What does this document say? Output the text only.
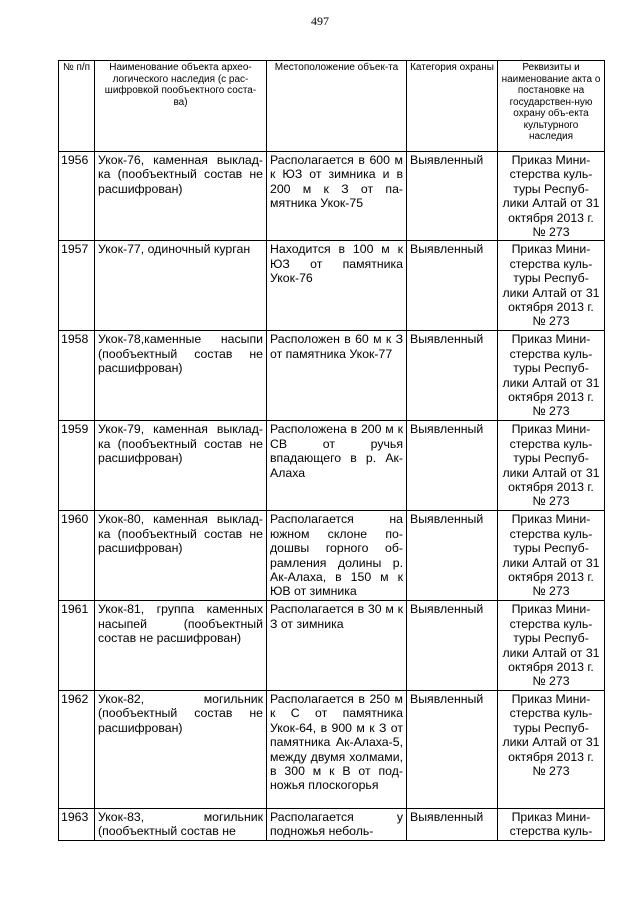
497
№ п/п	Наименование объекта архео-логического наследия (с рас-шифровкой пообъектного соста-ва)	Местоположение объек-та	Категория охраны	Реквизиты и наименование акта о постановке на государствен-ную охрану объ-екта культурного наследия
1956	Укок-76, каменная выклад-ка (пообъектный состав не расшифрован)	Располагается в 600 м к ЮЗ от зимника и в 200 м к З от па-мятника Укок-75	Выявленный	Приказ Мини-стерства куль-туры Респуб-лики Алтай от 31 октября 2013 г. № 273
1957	Укок-77, одиночный курган	Находится в 100 м к ЮЗ от памятника Укок-76	Выявленный	Приказ Мини-стерства куль-туры Респуб-лики Алтай от 31 октября 2013 г. № 273
1958	Укок-78,каменные насыпи (пообъектный состав не расшифрован)	Расположен в 60 м к З от памятника Укок-77	Выявленный	Приказ Мини-стерства куль-туры Респуб-лики Алтай от 31 октября 2013 г. № 273
1959	Укок-79, каменная выклад-ка (пообъектный состав не расшифрован)	Расположена в 200 м к СВ от ручья впадающего в р. Ак-Алаха	Выявленный	Приказ Мини-стерства куль-туры Респуб-лики Алтай от 31 октября 2013 г. № 273
1960	Укок-80, каменная выклад-ка (пообъектный состав не расшифрован)	Располагается на южном склоне по-дошвы горного об-рамления долины р. Ак-Алаха, в 150 м к ЮВ от зимника	Выявленный	Приказ Мини-стерства куль-туры Респуб-лики Алтай от 31 октября 2013 г. № 273
1961	Укок-81, группа каменных насыпей (пообъектный состав не расшифрован)	Располагается в 30 м к З от зимника	Выявленный	Приказ Мини-стерства куль-туры Респуб-лики Алтай от 31 октября 2013 г. № 273
1962	Укок-82, могильник (пообъектный состав не расшифрован)	Располагается в 250 м к С от памятника Укок-64, в 900 м к З от памятника Ак-Алаха-5, между двумя холмами, в 300 м к В от под-ножья плоскогорья	Выявленный	Приказ Мини-стерства куль-туры Респуб-лики Алтай от 31 октября 2013 г. № 273
1963	Укок-83, могильник (пообъектный состав не	Располагается у подножья неболь-	Выявленный	Приказ Мини-стерства куль-
